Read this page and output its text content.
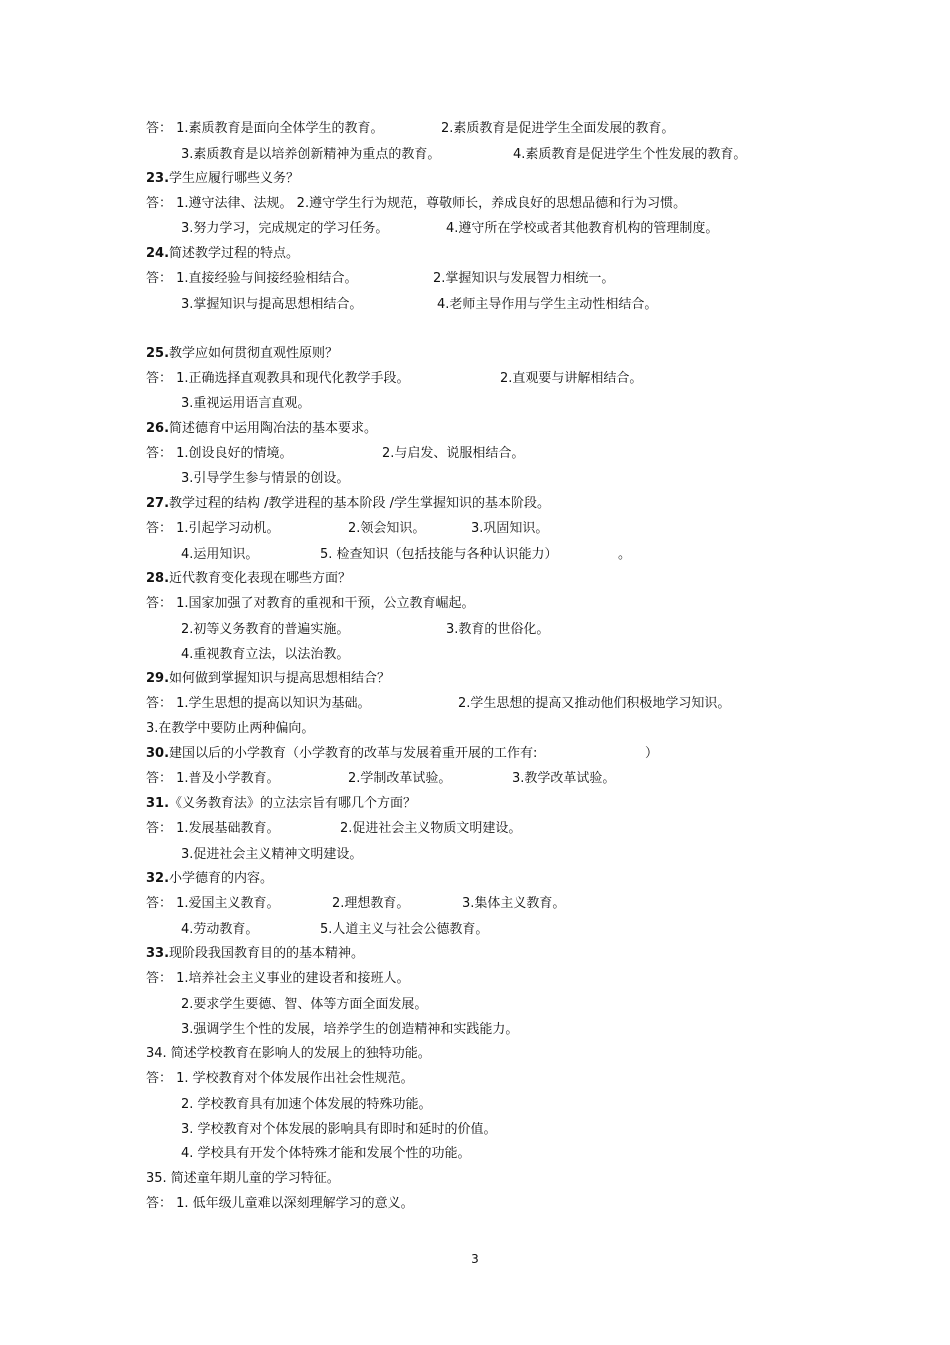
答： 1.素质教育是面向全体学生的教育。	2.素质教育是促进学生全面发展的教育。
3.素质教育是以培养创新精神为重点的教育。	4.素质教育是促进学生个性发展的教育。
23.学生应履行哪些义务？
答： 1.遵守法律、法规。 2.遵守学生行为规范，尊敬师长，养成良好的思想品德和行为习惯。
3.努力学习，完成规定的学习任务。	4.遵守所在学校或者其他教育机构的管理制度。
24.简述教学过程的特点。
答： 1.直接经验与间接经验相结合。	2.掌握知识与发展智力相统一。
3.掌握知识与提高思想相结合。	4.老师主导作用与学生主动性相结合。
25.教学应如何贯彻直观性原则？
答： 1.正确选择直观教具和现代化教学手段。	2.直观要与讲解相结合。
3.重视运用语言直观。
26.简述德育中运用陶冶法的基本要求。
答： 1.创设良好的情境。	2.与启发、说服相结合。
3.引导学生参与情景的创设。
27.教学过程的结构 /教学进程的基本阶段 /学生掌握知识的基本阶段。
答： 1.引起学习动机。	2.领会知识。	3.巩固知识。
4.运用知识。	5. 检查知识（包括技能与各种认识能力）	。
28.近代教育变化表现在哪些方面？
答： 1.国家加强了对教育的重视和干预，公立教育崛起。
2.初等义务教育的普遍实施。	3.教育的世俗化。
4.重视教育立法，以法治教。
29.如何做到掌握知识与提高思想相结合？
答： 1.学生思想的提高以知识为基础。	2.学生思想的提高又推动他们积极地学习知识。
3.在教学中要防止两种偏向。
30.建国以后的小学教育（小学教育的改革与发展着重开展的工作有:	）
答： 1.普及小学教育。	2.学制改革试验。	3.教学改革试验。
31.《义务教育法》的立法宗旨有哪几个方面？
答： 1.发展基础教育。	2.促进社会主义物质文明建设。
3.促进社会主义精神文明建设。
32.小学德育的内容。
答： 1.爱国主义教育。	2.理想教育。	3.集体主义教育。
4.劳动教育。	5.人道主义与社会公德教育。
33.现阶段我国教育目的的基本精神。
答： 1.培养社会主义事业的建设者和接班人。
2.要求学生要德、智、体等方面全面发展。
3.强调学生个性的发展，培养学生的创造精神和实践能力。
34. 简述学校教育在影响人的发展上的独特功能。
答： 1. 学校教育对个体发展作出社会性规范。
2. 学校教育具有加速个体发展的特殊功能。
3. 学校教育对个体发展的影响具有即时和延时的价值。
4. 学校具有开发个体特殊才能和发展个性的功能。
35. 简述童年期儿童的学习特征。
答： 1. 低年级儿童难以深刻理解学习的意义。
3
